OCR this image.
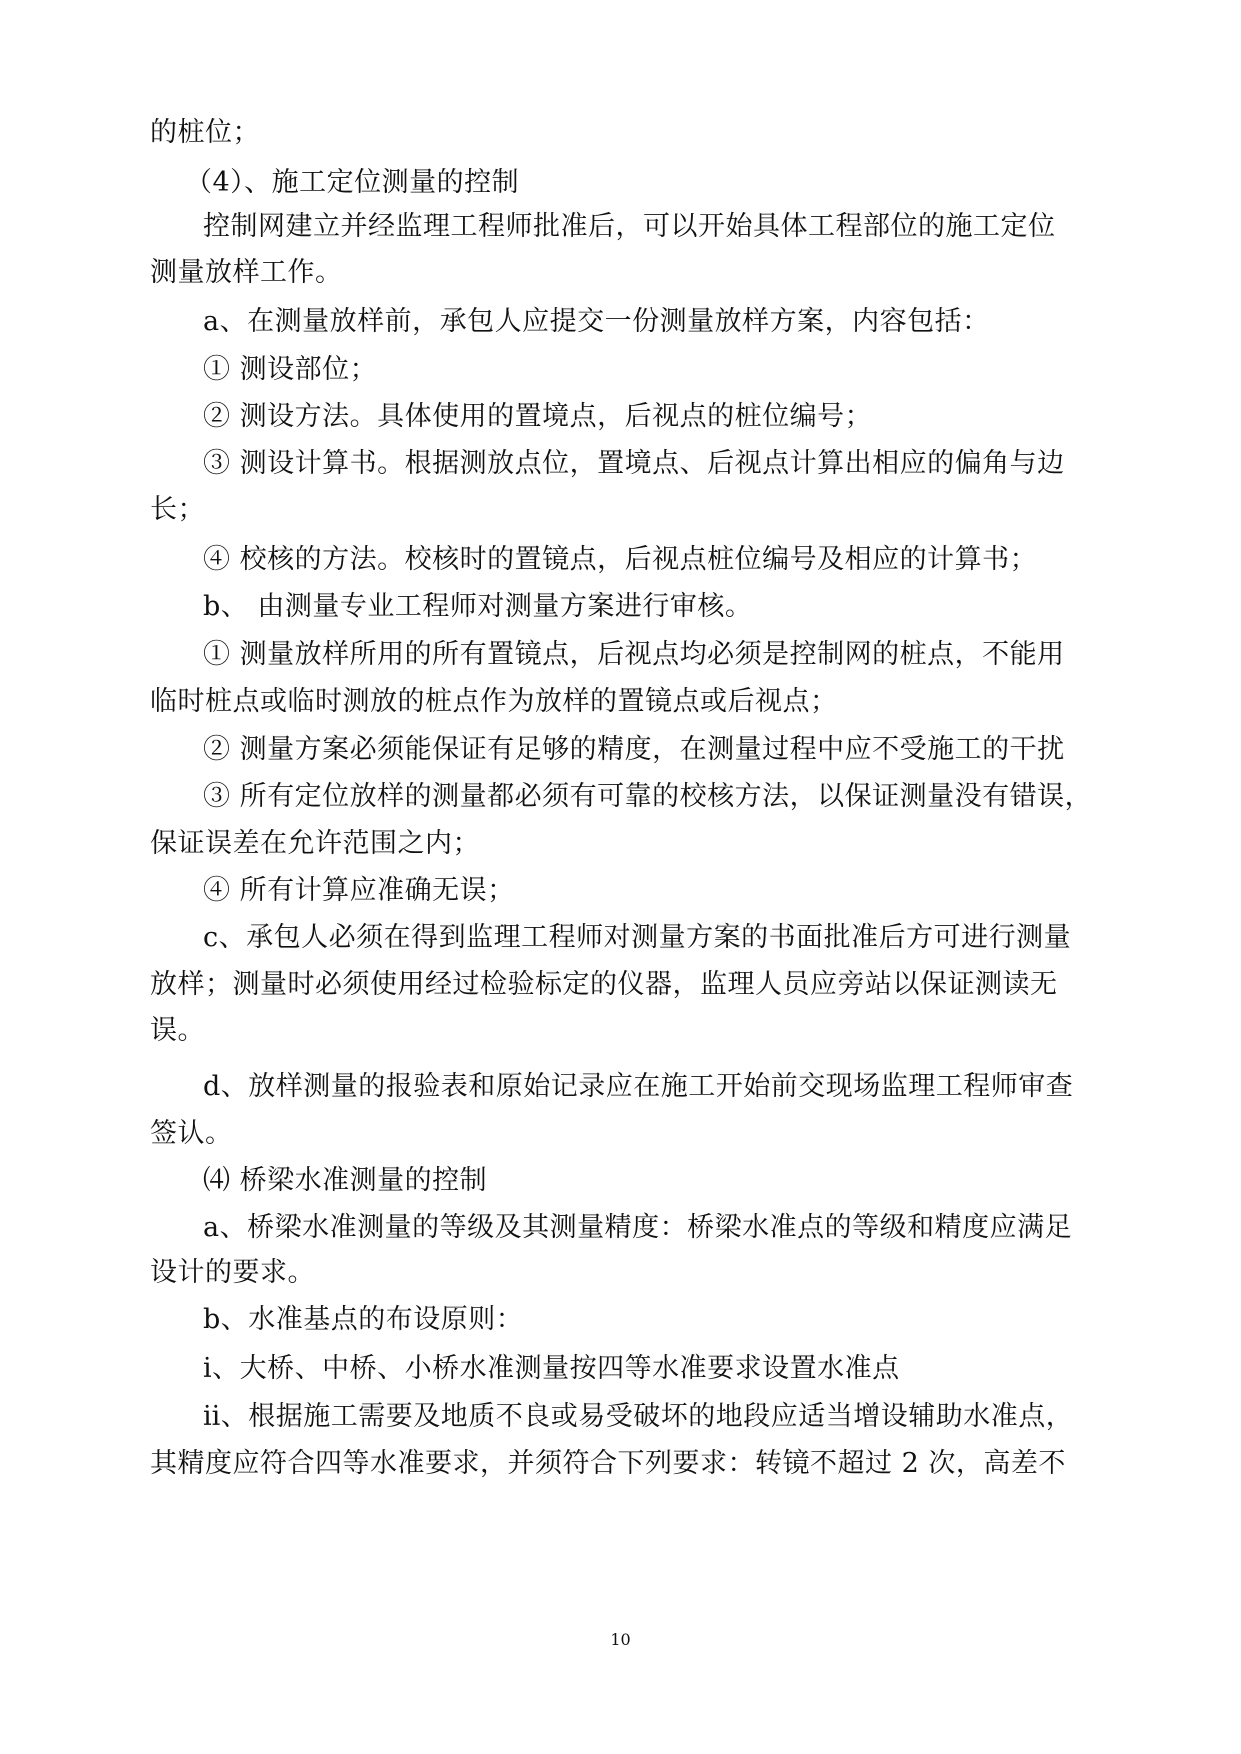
的桩位；
（4）、施工定位测量的控制
控制网建立并经监理工程师批准后，可以开始具体工程部位的施工定位
测量放样工作。
a、在测量放样前，承包人应提交一份测量放样方案，内容包括：
① 测设部位；
② 测设方法。具体使用的置境点，后视点的桩位编号；
③ 测设计算书。根据测放点位，置境点、后视点计算出相应的偏角与边
长；
④ 校核的方法。校核时的置镜点，后视点桩位编号及相应的计算书；
b、 由测量专业工程师对测量方案进行审核。
① 测量放样所用的所有置镜点，后视点均必须是控制网的桩点，不能用
临时桩点或临时测放的桩点作为放样的置镜点或后视点；
② 测量方案必须能保证有足够的精度，在测量过程中应不受施工的干扰
③ 所有定位放样的测量都必须有可靠的校核方法，以保证测量没有错误，
保证误差在允许范围之内；
④ 所有计算应准确无误；
c、承包人必须在得到监理工程师对测量方案的书面批准后方可进行测量
放样；测量时必须使用经过检验标定的仪器，监理人员应旁站以保证测读无
误。
d、放样测量的报验表和原始记录应在施工开始前交现场监理工程师审查
签认。
⑷ 桥梁水准测量的控制
a、桥梁水准测量的等级及其测量精度：桥梁水准点的等级和精度应满足
设计的要求。
b、水准基点的布设原则：
ⅰ、大桥、中桥、小桥水准测量按四等水准要求设置水准点
ⅱ、根据施工需要及地质不良或易受破坏的地段应适当增设辅助水准点，
其精度应符合四等水准要求，并须符合下列要求：转镜不超过 2 次，高差不
10
